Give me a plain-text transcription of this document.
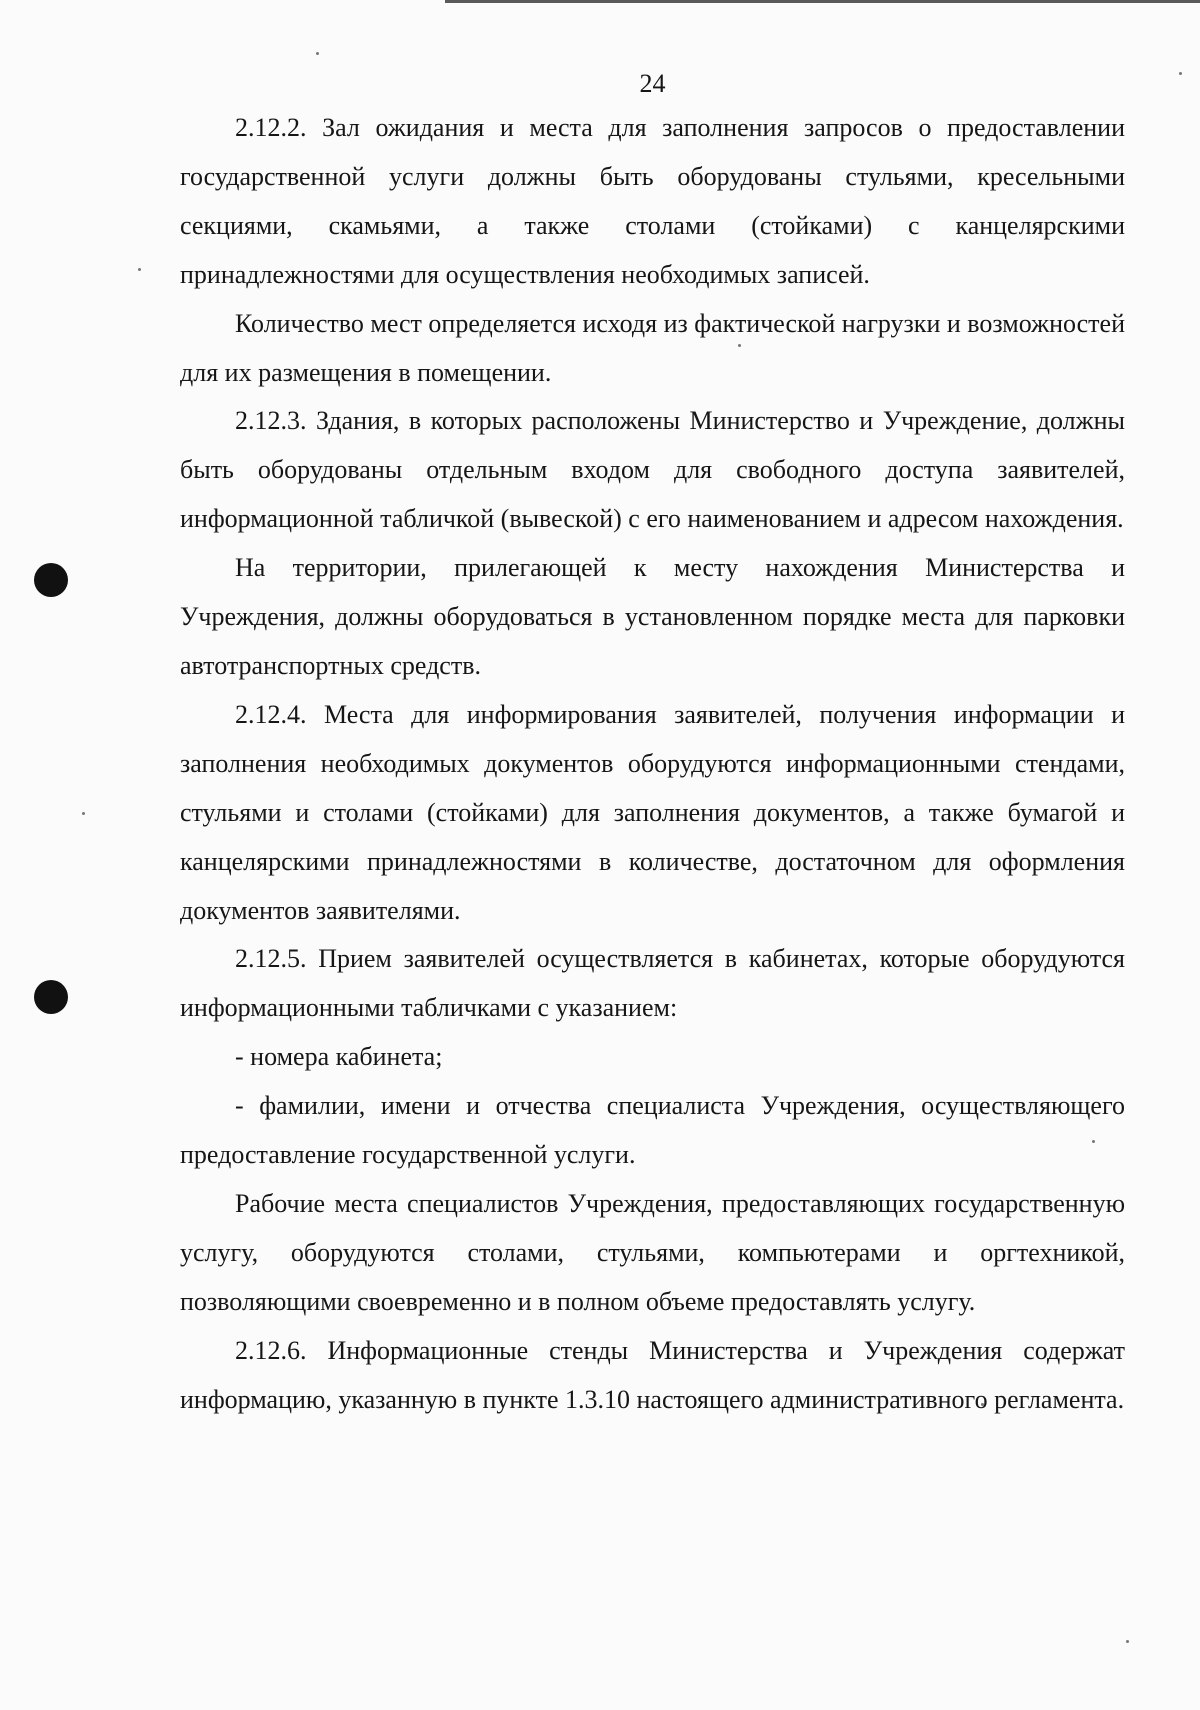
24

2.12.2. Зал ожидания и места для заполнения запросов о предоставлении государственной услуги должны быть оборудованы стульями, кресельными секциями, скамьями, а также столами (стойками) с канцелярскими принадлежностями для осуществления необходимых записей.

Количество мест определяется исходя из фактической нагрузки и возможностей для их размещения в помещении.

2.12.3. Здания, в которых расположены Министерство и Учреждение, должны быть оборудованы отдельным входом для свободного доступа заявителей, информационной табличкой (вывеской) с его наименованием и адресом нахождения.

На территории, прилегающей к месту нахождения Министерства и Учреждения, должны оборудоваться в установленном порядке места для парковки автотранспортных средств.

2.12.4. Места для информирования заявителей, получения информации и заполнения необходимых документов оборудуются информационными стендами, стульями и столами (стойками) для заполнения документов, а также бумагой и канцелярскими принадлежностями в количестве, достаточном для оформления документов заявителями.

2.12.5. Прием заявителей осуществляется в кабинетах, которые оборудуются информационными табличками с указанием:

- номера кабинета;

- фамилии, имени и отчества специалиста Учреждения, осуществляющего предоставление государственной услуги.

Рабочие места специалистов Учреждения, предоставляющих государственную услугу, оборудуются столами, стульями, компьютерами и оргтехникой, позволяющими своевременно и в полном объеме предоставлять услугу.

2.12.6. Информационные стенды Министерства и Учреждения содержат информацию, указанную в пункте 1.3.10 настоящего административного регламента.
